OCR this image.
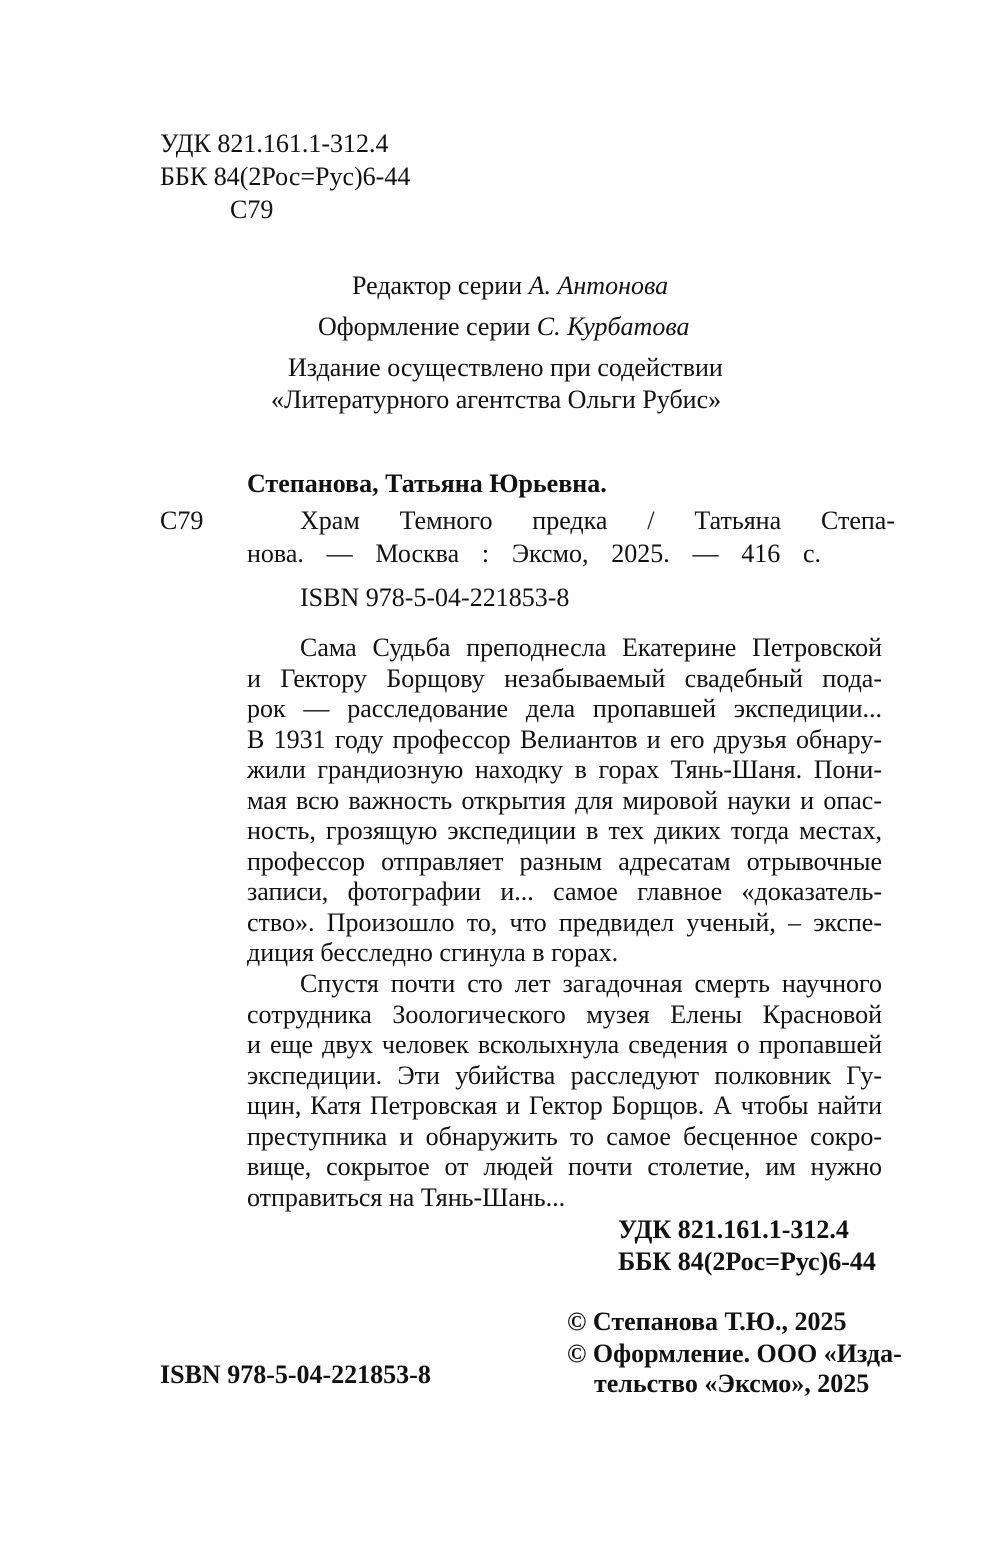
УДК 821.161.1-312.4
ББК 84(2Рос=Рус)6-44
С79
Редактор серии А. Антонова
Оформление серии С. Курбатова
Издание осуществлено при содействии
«Литературного агентства Ольги Рубис»
Степанова, Татьяна Юрьевна.
С79	Храм Темного предка / Татьяна Степа-
нова. — Москва : Эксмо, 2025. — 416 с.
ISBN 978-5-04-221853-8
Сама Судьба преподнесла Екатерине Петровской
и Гектору Борщову незабываемый свадебный пода-
рок — расследование дела пропавшей экспедиции...
В 1931 году профессор Велиантов и его друзья обнару-
жили грандиозную находку в горах Тянь-Шаня. Пони-
мая всю важность открытия для мировой науки и опас-
ность, грозящую экспедиции в тех диких тогда местах,
профессор отправляет разным адресатам отрывочные
записи, фотографии и... самое главное «доказатель-
ство». Произошло то, что предвидел ученый, – экспе-
диция бесследно сгинула в горах.
Спустя почти сто лет загадочная смерть научного
сотрудника Зоологического музея Елены Красновой
и еще двух человек всколыхнула сведения о пропавшей
экспедиции. Эти убийства расследуют полковник Гу-
щин, Катя Петровская и Гектор Борщов. А чтобы найти
преступника и обнаружить то самое бесценное сокро-
вище, сокрытое от людей почти столетие, им нужно
отправиться на Тянь-Шань...
УДК 821.161.1-312.4
ББК 84(2Рос=Рус)6-44
© Степанова Т.Ю., 2025
© Оформление. ООО «Изда-
тельство «Эксмо», 2025
ISBN 978-5-04-221853-8
